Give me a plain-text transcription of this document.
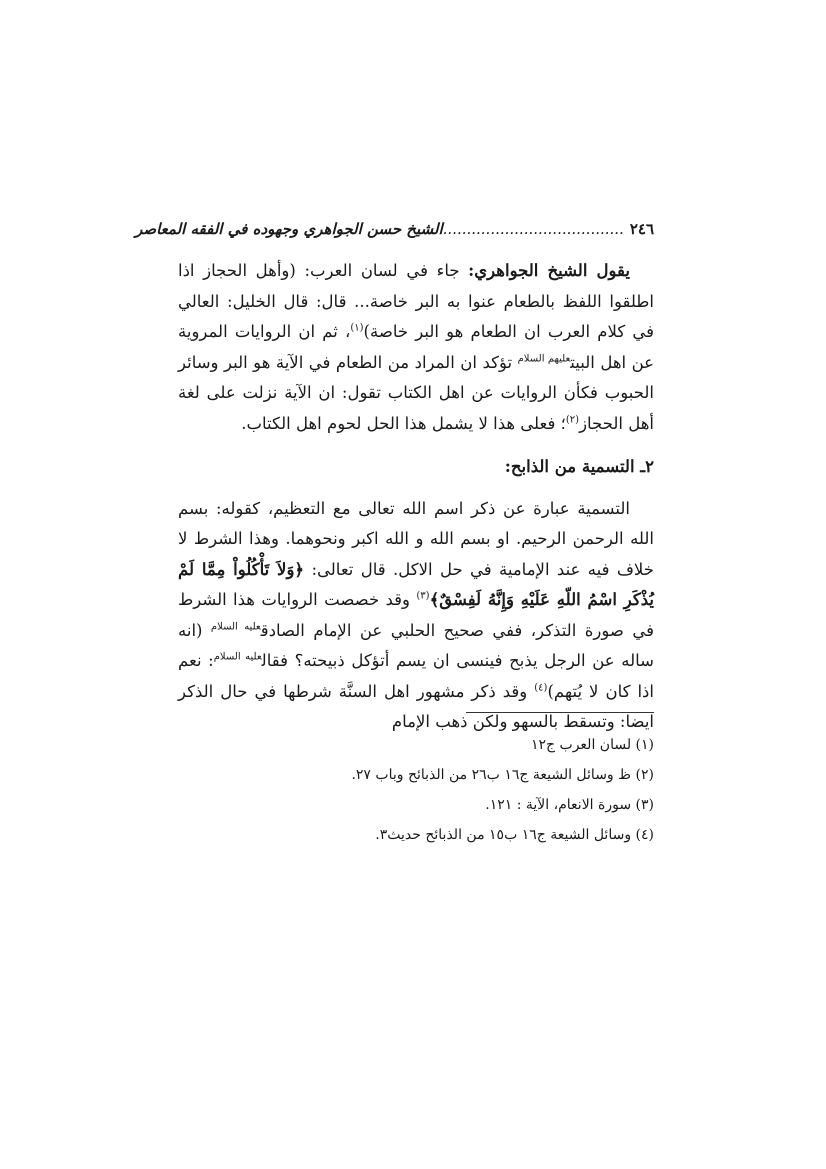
٢٤٦......................................الشيخ حسن الجواهري وجهوده في الفقه المعاصر

يقول الشيخ الجواهري: جاء في لسان العرب: (وأهل الحجاز اذا اطلقوا اللفظ بالطعام عنوا به البر خاصة... قال: قال الخليل: العالي في كلام العرب ان الطعام هو البر خاصة)$^{(١)}$، ثم ان الروايات المروية عن اهل البيت$^{عليهم السلام}$ تؤكد ان المراد من الطعام في الآية هو البر وسائر الحبوب فكأن الروايات عن اهل الكتاب تقول: ان الآية نزلت على لغة أهل الحجاز$^{(٢)}$؛ فعلى هذا لا يشمل هذا الحل لحوم اهل الكتاب.

٢ـ التسمية من الذابح:

التسمية عبارة عن ذكر اسم الله تعالى مع التعظيم، كقوله: بسم الله الرحمن الرحيم. او بسم الله و الله اكبر ونحوهما. وهذا الشرط لا خلاف فيه عند الإمامية في حل الاكل. قال تعالى: ﴿وَلاَ تَأْكُلُواْ مِمَّا لَمْ يُذْكَرِ اسْمُ اللّهِ عَلَيْهِ وَإِنَّهُ لَفِسْقٌ﴾$^{(٣)}$ وقد خصصت الروايات هذا الشرط في صورة التذكر، ففي صحيح الحلبي عن الإمام الصادق$^{عليه السلام}$ (انه ساله عن الرجل يذبح فينسى ان يسم أتؤكل ذبيحته؟ فقال$^{عليه السلام}$: نعم اذا كان لا يُتهم)$^{(٤)}$ وقد ذكر مشهور اهل السنَّة شرطها في حال الذكر ايضا: وتسقط بالسهو ولكن ذهب الإمام

(١) لسان العرب ج١٢
(٢) ظ وسائل الشيعة ج١٦ ب٢٦ من الذبائح وباب ٢٧.
(٣) سورة الانعام، الآية : ١٢١.
(٤) وسائل الشيعة ج١٦ ب١٥ من الذبائح حديث٣.
